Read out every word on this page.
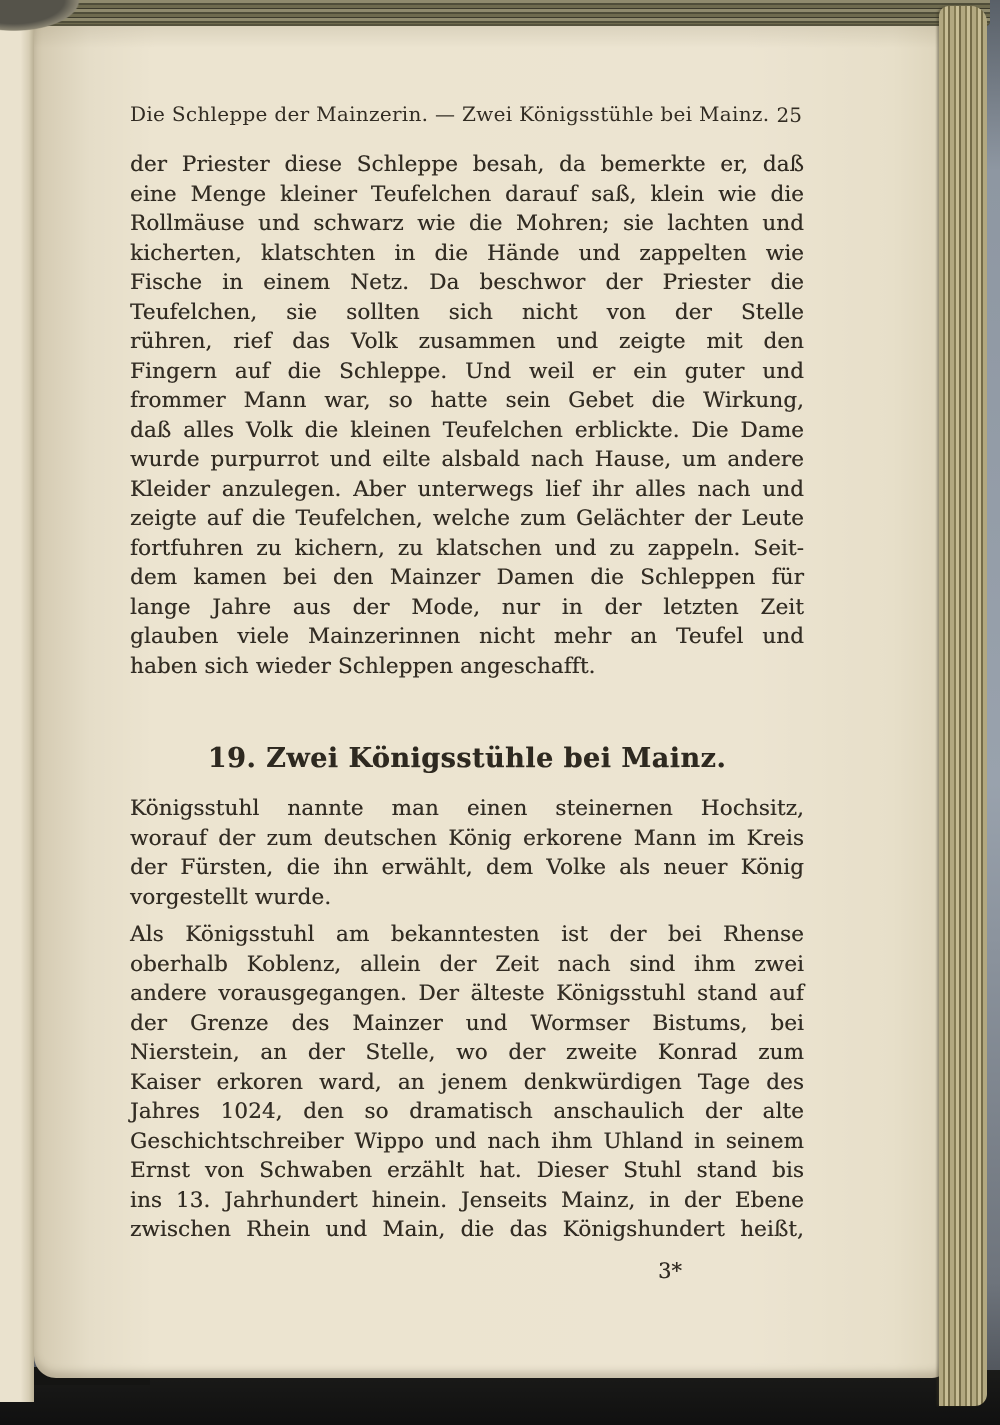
Die Schleppe der Mainzerin. — Zwei Königsstühle bei Mainz. 25
der Priester diese Schleppe besah, da bemerkte er, daß
eine Menge kleiner Teufelchen darauf saß, klein wie die
Rollmäuse und schwarz wie die Mohren; sie lachten und
kicherten, klatschten in die Hände und zappelten wie
Fische in einem Netz. Da beschwor der Priester die
Teufelchen, sie sollten sich nicht von der Stelle
rühren, rief das Volk zusammen und zeigte mit den
Fingern auf die Schleppe. Und weil er ein guter und
frommer Mann war, so hatte sein Gebet die Wirkung,
daß alles Volk die kleinen Teufelchen erblickte. Die Dame
wurde purpurrot und eilte alsbald nach Hause, um andere
Kleider anzulegen. Aber unterwegs lief ihr alles nach und
zeigte auf die Teufelchen, welche zum Gelächter der Leute
fortfuhren zu kichern, zu klatschen und zu zappeln. Seit-
dem kamen bei den Mainzer Damen die Schleppen für
lange Jahre aus der Mode, nur in der letzten Zeit
glauben viele Mainzerinnen nicht mehr an Teufel und
haben sich wieder Schleppen angeschafft.
19. Zwei Königsstühle bei Mainz.
Königsstuhl nannte man einen steinernen Hochsitz,
worauf der zum deutschen König erkorene Mann im Kreis
der Fürsten, die ihn erwählt, dem Volke als neuer König
vorgestellt wurde.
Als Königsstuhl am bekanntesten ist der bei Rhense
oberhalb Koblenz, allein der Zeit nach sind ihm zwei
andere vorausgegangen. Der älteste Königsstuhl stand auf
der Grenze des Mainzer und Wormser Bistums, bei
Nierstein, an der Stelle, wo der zweite Konrad zum
Kaiser erkoren ward, an jenem denkwürdigen Tage des
Jahres 1024, den so dramatisch anschaulich der alte
Geschichtschreiber Wippo und nach ihm Uhland in seinem
Ernst von Schwaben erzählt hat. Dieser Stuhl stand bis
ins 13. Jahrhundert hinein. Jenseits Mainz, in der Ebene
zwischen Rhein und Main, die das Königshundert heißt,
3*
